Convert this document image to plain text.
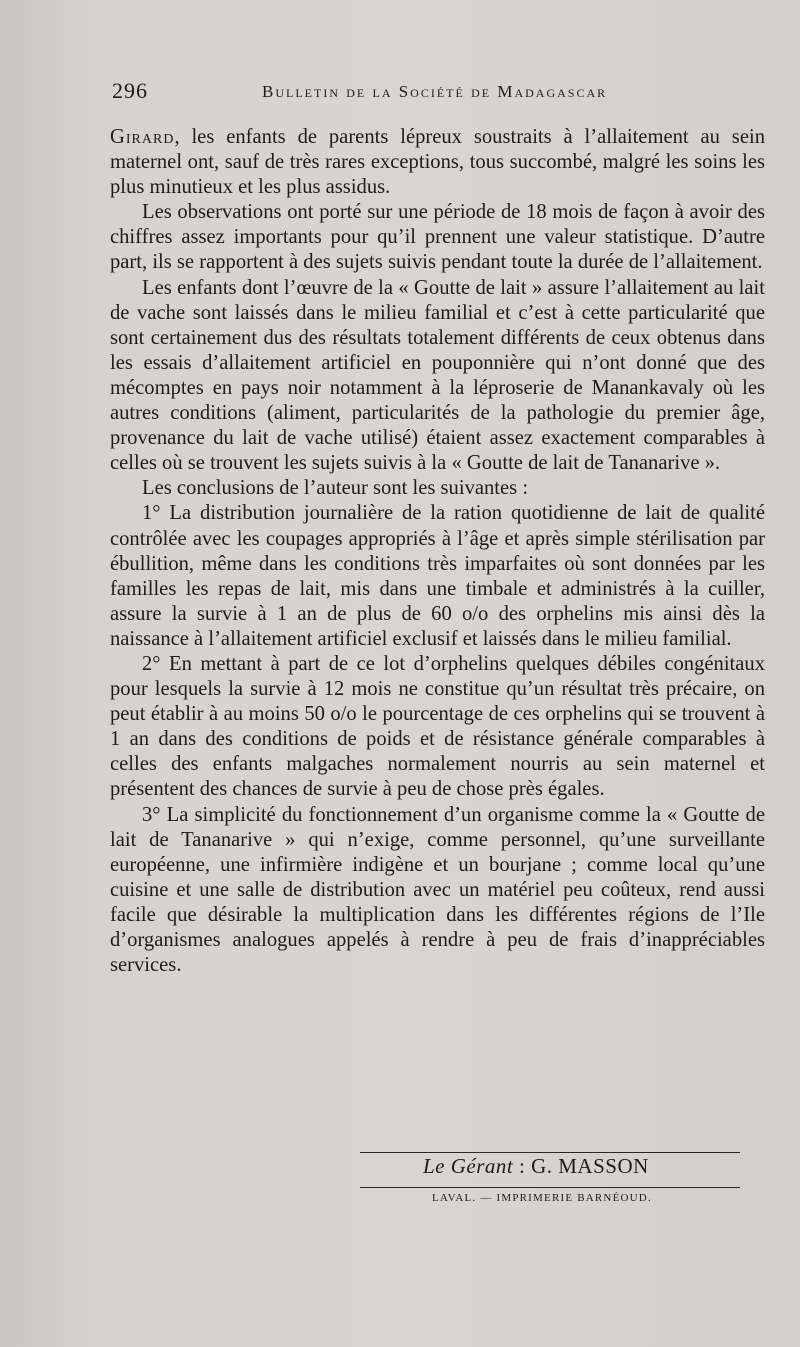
296	Bulletin de la Société de Madagascar

Girard, les enfants de parents lépreux soustraits à l’allaitement au sein maternel ont, sauf de très rares exceptions, tous succombé, malgré les soins les plus minutieux et les plus assidus.

Les observations ont porté sur une période de 18 mois de façon à avoir des chiffres assez importants pour qu’il prennent une valeur statistique. D’autre part, ils se rapportent à des sujets suivis pendant toute la durée de l’allaitement.

Les enfants dont l’œuvre de la « Goutte de lait » assure l’allaitement au lait de vache sont laissés dans le milieu familial et c’est à cette particularité que sont certainement dus des résultats totalement différents de ceux obtenus dans les essais d’allaitement artificiel en pouponnière qui n’ont donné que des mécomptes en pays noir notamment à la léproserie de Manankavaly où les autres conditions (aliment, particularités de la pathologie du premier âge, provenance du lait de vache utilisé) étaient assez exactement comparables à celles où se trouvent les sujets suivis à la « Goutte de lait de Tananarive ».

Les conclusions de l’auteur sont les suivantes :

1° La distribution journalière de la ration quotidienne de lait de qualité contrôlée avec les coupages appropriés à l’âge et après simple stérilisation par ébullition, même dans les conditions très imparfaites où sont données par les familles les repas de lait, mis dans une timbale et administrés à la cuiller, assure la survie à 1 an de plus de 60 o/o des orphelins mis ainsi dès la naissance à l’allaitement artificiel exclusif et laissés dans le milieu familial.

2° En mettant à part de ce lot d’orphelins quelques débiles congénitaux pour lesquels la survie à 12 mois ne constitue qu’un résultat très précaire, on peut établir à au moins 50 o/o le pourcentage de ces orphelins qui se trouvent à 1 an dans des conditions de poids et de résistance générale comparables à celles des enfants malgaches normalement nourris au sein maternel et présentent des chances de survie à peu de chose près égales.

3° La simplicité du fonctionnement d’un organisme comme la « Goutte de lait de Tananarive » qui n’exige, comme personnel, qu’une surveillante européenne, une infirmière indigène et un bourjane ; comme local qu’une cuisine et une salle de distribution avec un matériel peu coûteux, rend aussi facile que désirable la multiplication dans les différentes régions de l’Ile d’organismes analogues appelés à rendre à peu de frais d’inappréciables services.

Le Gérant : G. MASSON
LAVAL. — IMPRIMERIE BARNÉOUD.
